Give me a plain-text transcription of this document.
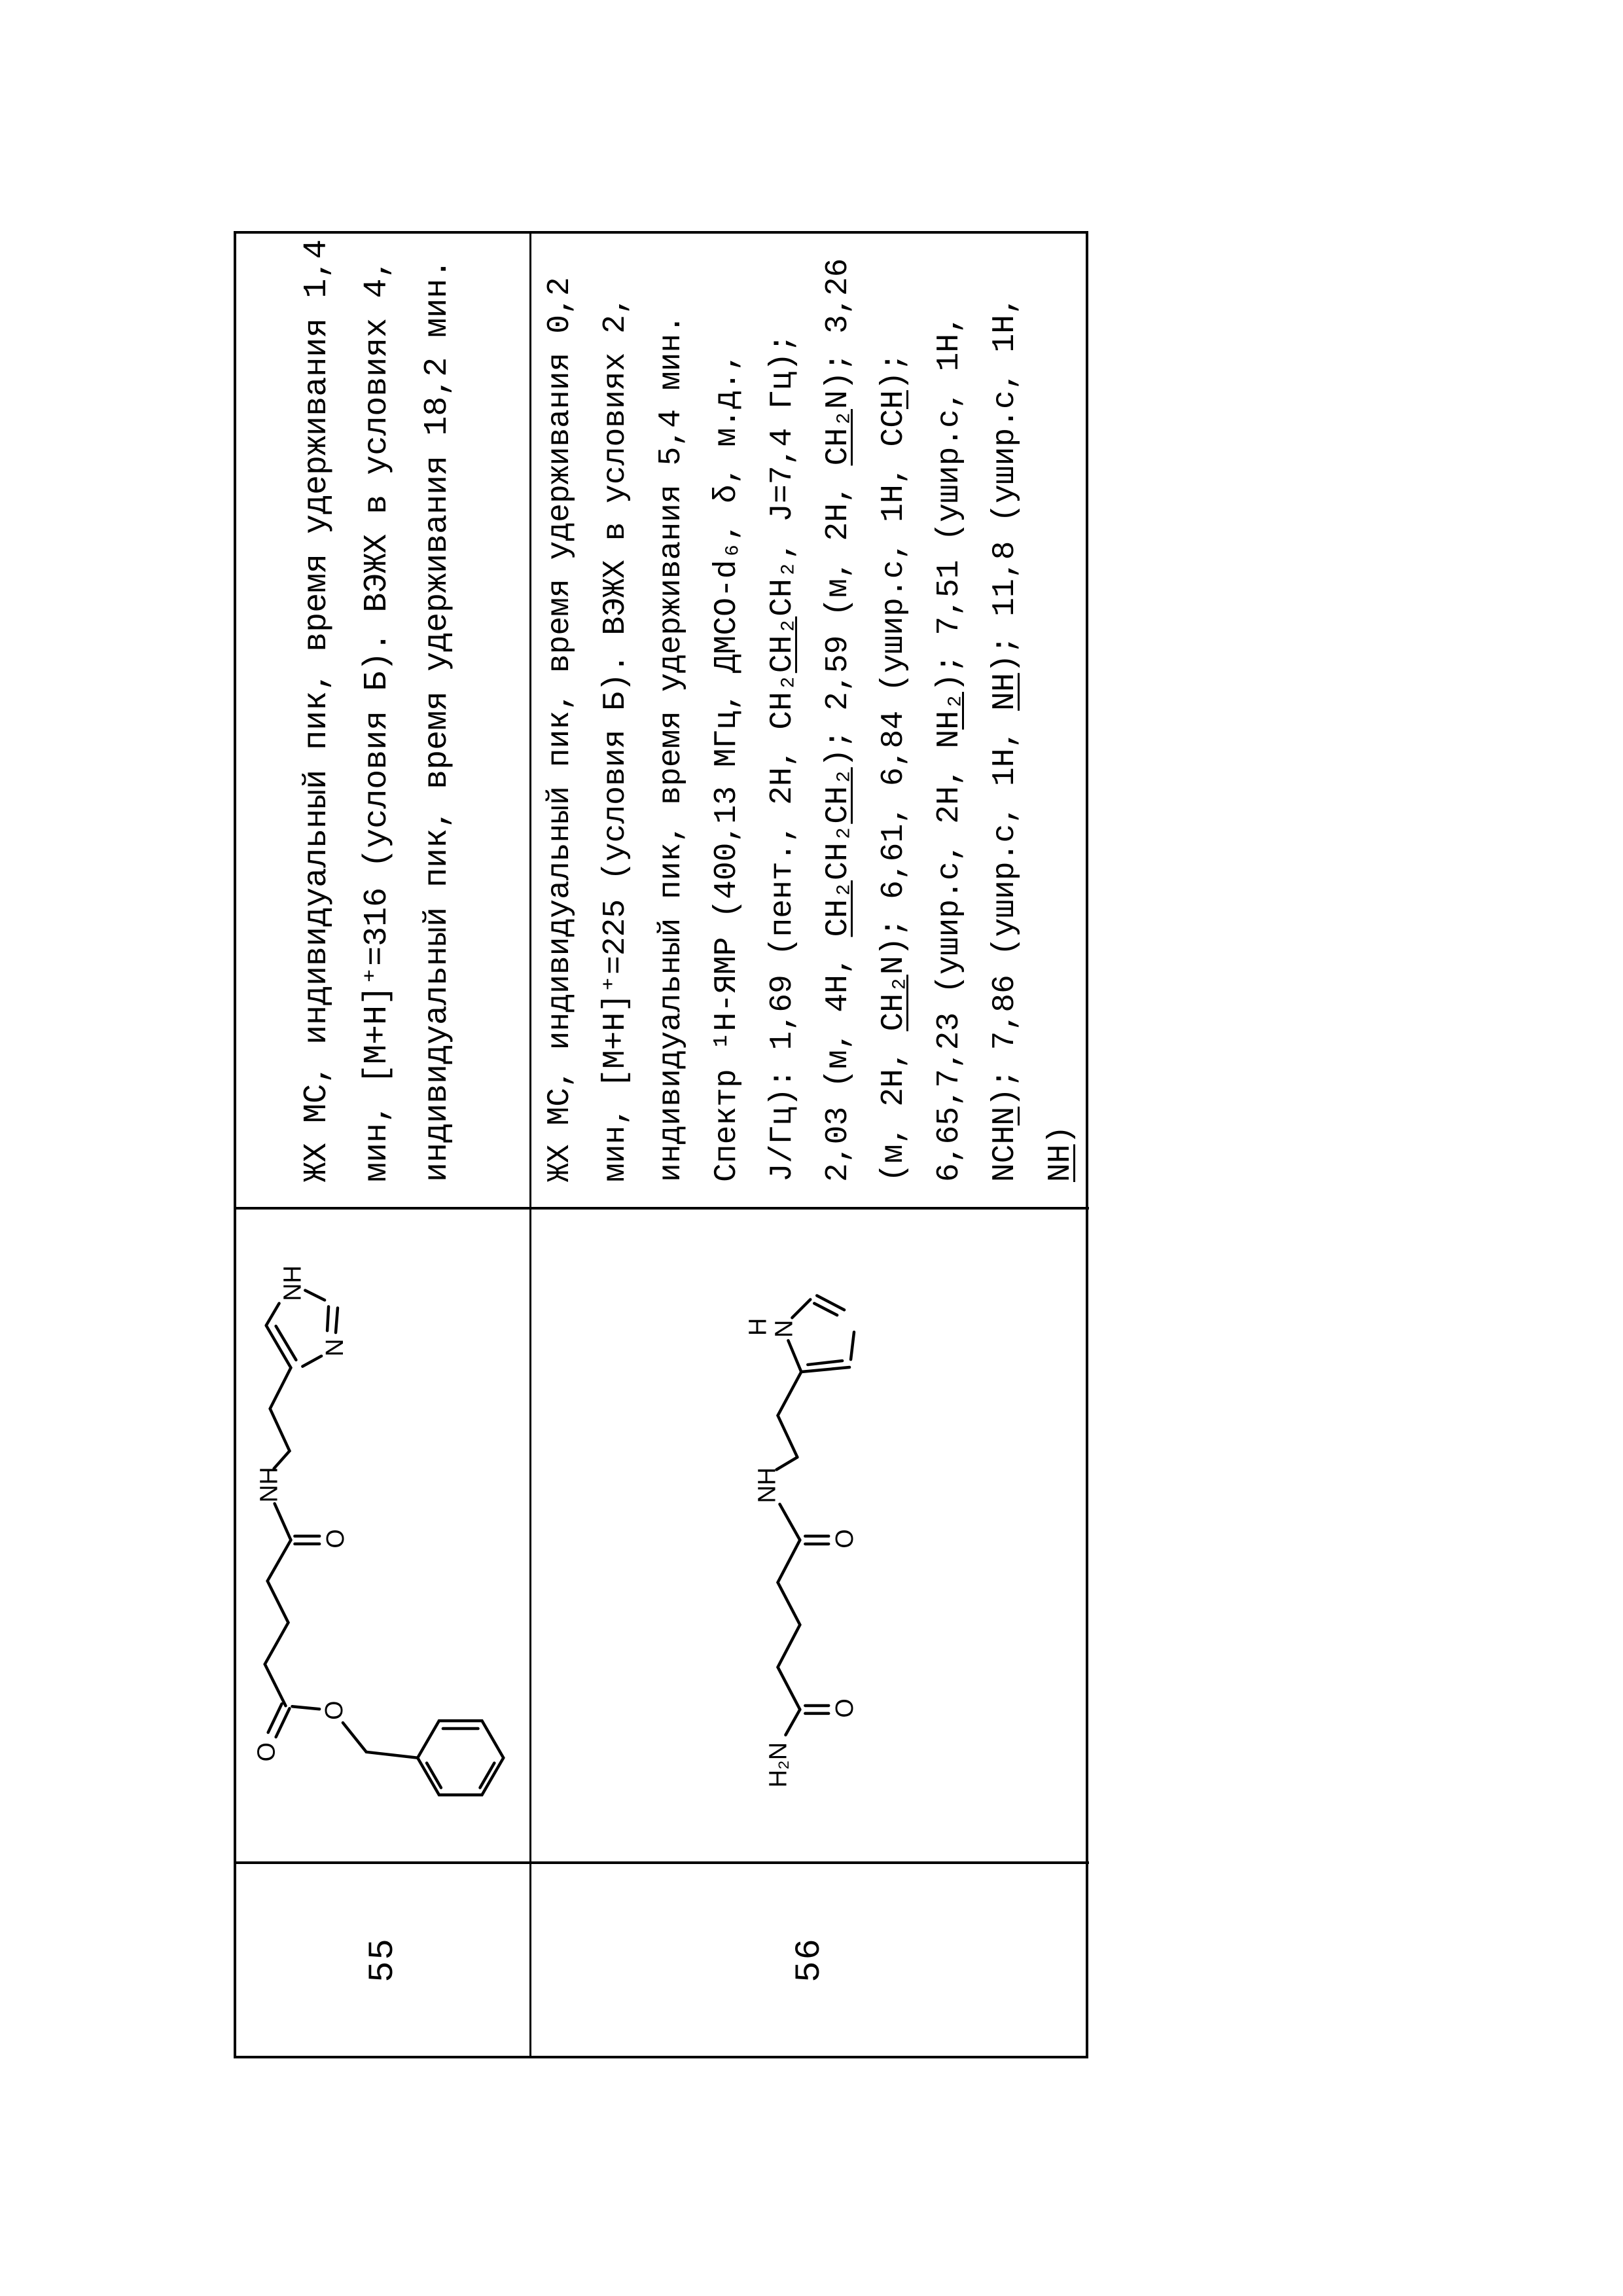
55
NH
N
NH
O
O
O
ЖХ МС, индивидуальный пик, время удерживания 1,4 мин, [M+H]⁺=316 (условия Б). ВЭЖХ в условиях 4, индивидуальный пик, время удерживания 18,2 мин.
56
H₂N
O
O
NH
H
N
ЖХ МС, индивидуальный пик, время удерживания 0,2 мин, [M+H]⁺=225 (условия Б). ВЭЖХ в условиях 2, индивидуальный пик, время удерживания 5,4 мин. Спектр ¹H-ЯМР (400,13 МГц, ДМСО-d₆, δ, м.д., J/Гц): 1,69 (пент., 2H, CH₂CH₂CH₂, J=7,4 Гц);
2,03 (м, 4H, CH₂CH₂CH₂); 2,59 (м, 2H, CH₂N); 3,26
(м, 2H, CH₂N); 6,61, 6,84 (ушир.с, 1H, CCH);
6,65,7,23 (ушир.с, 2H, NH₂); 7,51 (ушир.с, 1H,
NCHN); 7,86 (ушир.с, 1H, NH); 11,8 (ушир.с, 1H,
NH)
